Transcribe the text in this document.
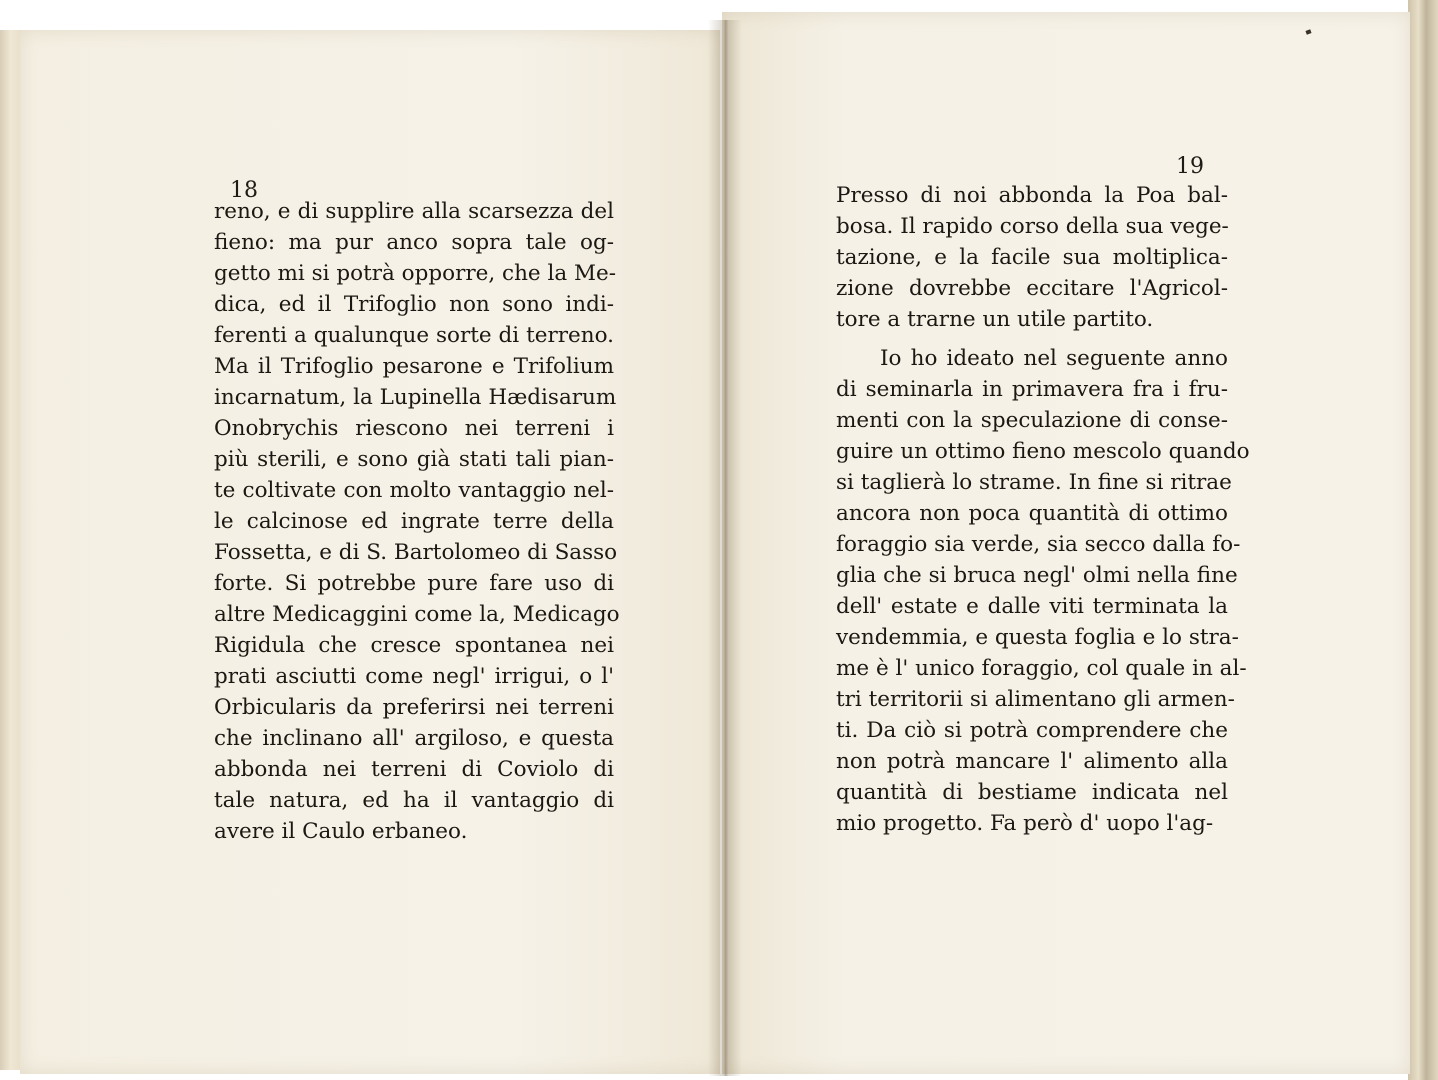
18
19
reno, e di supplire alla scarsezza del
fieno: ma pur anco sopra tale og-
getto mi si potrà opporre, che la Me-
dica, ed il Trifoglio non sono indi-
ferenti a qualunque sorte di terreno.
Ma il Trifoglio pesarone e Trifolium
incarnatum, la Lupinella Hædisarum
Onobrychis riescono nei terreni i
più sterili, e sono già stati tali pian-
te coltivate con molto vantaggio nel-
le calcinose ed ingrate terre della
Fossetta, e di S. Bartolomeo di Sasso
forte. Si potrebbe pure fare uso di
altre Medicaggini come la, Medicago
Rigidula che cresce spontanea nei
prati asciutti come negl' irrigui, o l'
Orbicularis da preferirsi nei terreni
che inclinano all' argiloso, e questa
abbonda nei terreni di Coviolo di
tale natura, ed ha il vantaggio di
avere il Caulo erbaneo.
Presso di noi abbonda la Poa bal-
bosa. Il rapido corso della sua vege-
tazione, e la facile sua moltiplica-
zione dovrebbe eccitare l'Agricol-
tore a trarne un utile partito.
Io ho ideato nel seguente anno
di seminarla in primavera fra i fru-
menti con la speculazione di conse-
guire un ottimo fieno mescolo quando
si taglierà lo strame. In fine si ritrae
ancora non poca quantità di ottimo
foraggio sia verde, sia secco dalla fo-
glia che si bruca negl' olmi nella fine
dell' estate e dalle viti terminata la
vendemmia, e questa foglia e lo stra-
me è l' unico foraggio, col quale in al-
tri territorii si alimentano gli armen-
ti. Da ciò si potrà comprendere che
non potrà mancare l' alimento alla
quantità di bestiame indicata nel
mio progetto. Fa però d' uopo l'ag-
